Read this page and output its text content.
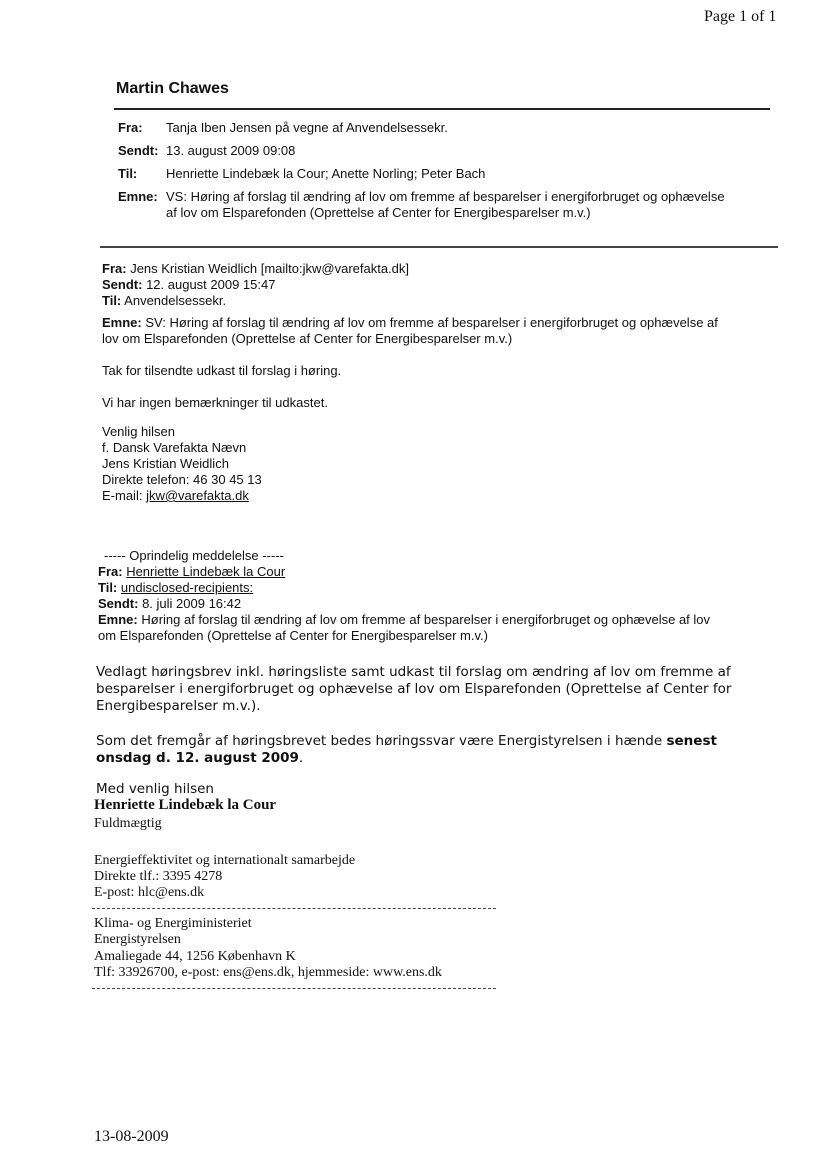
Page 1 of 1
Martin Chawes
Fra: Tanja Iben Jensen på vegne af Anvendelsessekr.
Sendt: 13. august 2009 09:08
Til: Henriette Lindebæk la Cour; Anette Norling; Peter Bach
Emne: VS: Høring af forslag til ændring af lov om fremme af besparelser i energiforbruget og ophævelse
af lov om Elsparefonden (Oprettelse af Center for Energibesparelser m.v.)
Fra: Jens Kristian Weidlich [mailto:jkw@varefakta.dk]
Sendt: 12. august 2009 15:47
Til: Anvendelsessekr.
Emne: SV: Høring af forslag til ændring af lov om fremme af besparelser i energiforbruget og ophævelse af
lov om Elsparefonden (Oprettelse af Center for Energibesparelser m.v.)
Tak for tilsendte udkast til forslag i høring.
Vi har ingen bemærkninger til udkastet.
Venlig hilsen
f. Dansk Varefakta Nævn
Jens Kristian Weidlich
Direkte telefon: 46 30 45 13
E-mail: jkw@varefakta.dk
----- Oprindelig meddelelse -----
Fra: Henriette Lindebæk la Cour
Til: undisclosed-recipients:
Sendt: 8. juli 2009 16:42
Emne: Høring af forslag til ændring af lov om fremme af besparelser i energiforbruget og ophævelse af lov
om Elsparefonden (Oprettelse af Center for Energibesparelser m.v.)
Vedlagt høringsbrev inkl. høringsliste samt udkast til forslag om ændring af lov om fremme af
besparelser i energiforbruget og ophævelse af lov om Elsparefonden (Oprettelse af Center for
Energibesparelser m.v.).
Som det fremgår af høringsbrevet bedes høringssvar være Energistyrelsen i hænde senest
onsdag d. 12. august 2009.
Med venlig hilsen
Henriette Lindebæk la Cour
Fuldmægtig
Energieffektivitet og internationalt samarbejde
Direkte tlf.: 3395 4278
E-post: hlc@ens.dk
Klima- og Energiministeriet
Energistyrelsen
Amaliegade 44, 1256 København K
Tlf: 33926700, e-post: ens@ens.dk, hjemmeside: www.ens.dk
13-08-2009
